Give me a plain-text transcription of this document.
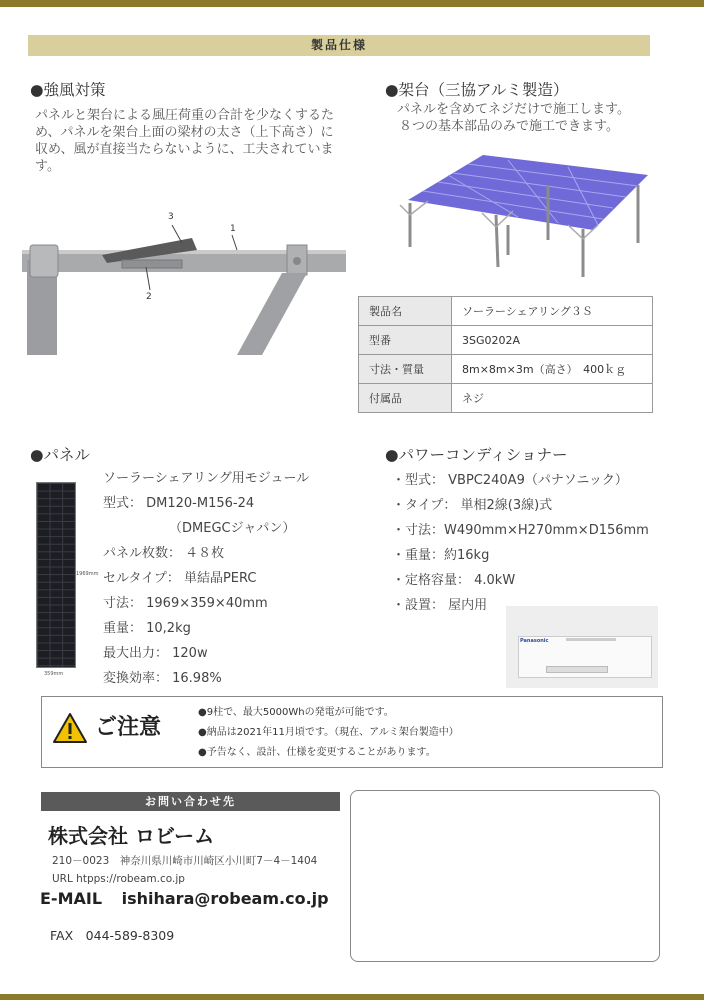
製品仕様
●強風対策
パネルと架台による風圧荷重の合計を少なくするため、パネルを架台上面の梁材の太さ（上下高さ）に収め、風が直接当たらないように、工夫されています。
3
1
2
●架台（三協アルミ製造）
パネルを含めてネジだけで施工します。
８つの基本部品のみで施工できます。
製品名	ソーラーシェアリング３Ｓ
型番	3SG0202A
寸法・質量	8m×8m×3m（高さ）　400ｋｇ
付属品	ネジ
●パネル
1969mm
359mm
ソーラーシェアリング用モジュール
型式： DM120-M156-24
（DMEGCジャパン）
パネル枚数： ４８枚
セルタイプ： 単結晶PERC
寸法： 1969×359×40mm
重量： 10,2kg
最大出力： 120w
変換効率： 16.98%
●パワーコンディショナー
・型式： VBPC240A9（パナソニック）
・タイプ： 単相2線(3線)式
・寸法：W490mm×H270mm×D156mm
・重量：約16kg
・定格容量： 4.0kW
・設置： 屋内用
Panasonic
ご注意
●9柱で、最大5000Whの発電が可能です。
●納品は2021年11月頃です。（現在、アルミ架台製造中）
●予告なく、設計、仕様を変更することがあります。
お問い合わせ先
株式会社 ロビーム
210－0023　神奈川県川崎市川崎区小川町7－4－1404
URL htpps://robeam.co.jp
E-MAIL ishihara@robeam.co.jp
FAX　044-589-8309
